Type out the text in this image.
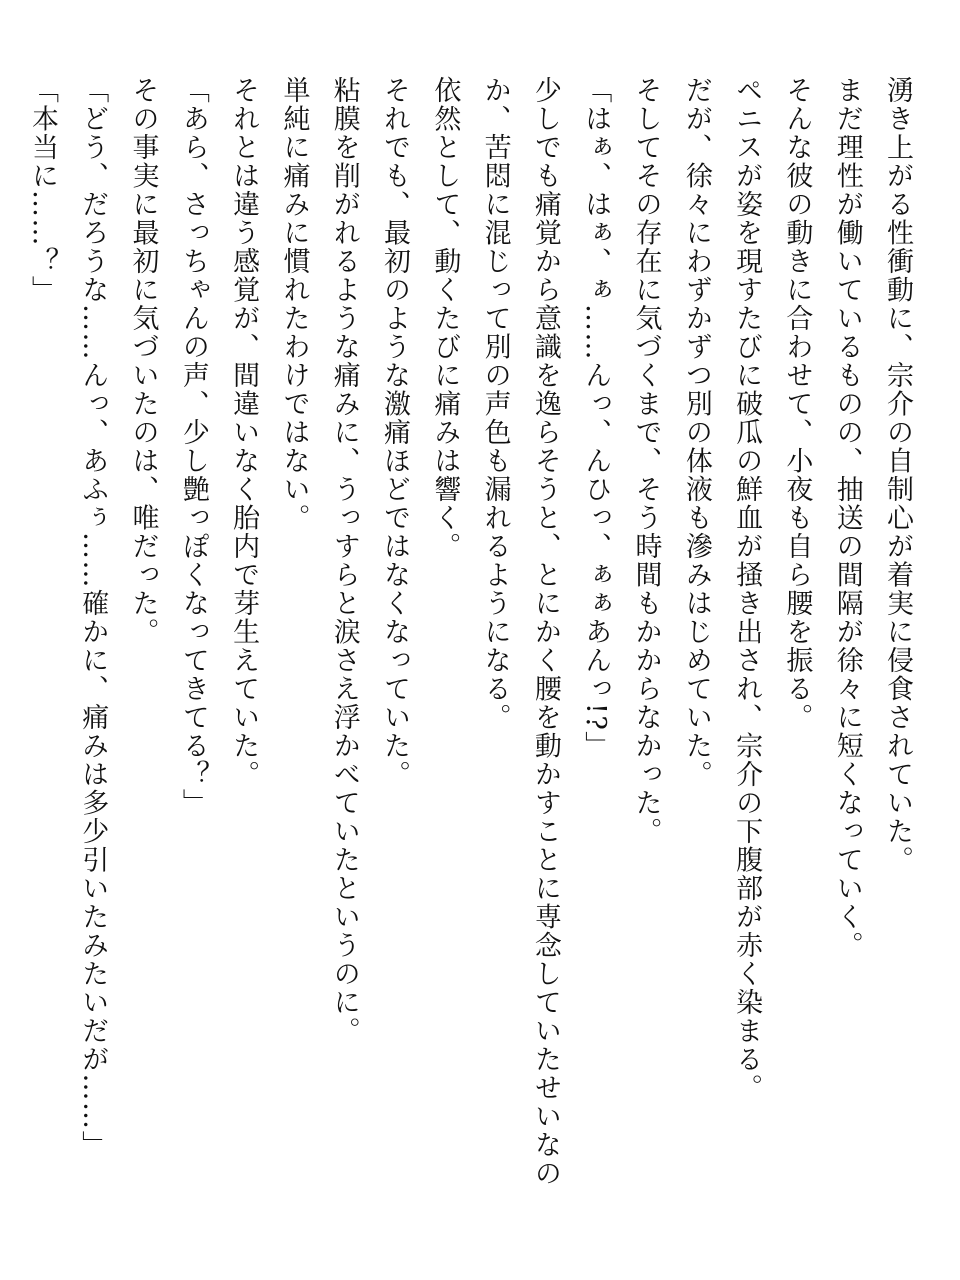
湧き上がる性衝動に、宗介の自制心が着実に侵食されていた。
まだ理性が働いているものの、抽送の間隔が徐々に短くなっていく。
そんな彼の動きに合わせて、小夜も自ら腰を振る。
ペニスが姿を現すたびに破瓜の鮮血が掻き出され、宗介の下腹部が赤く染まる。
だが、徐々にわずかずつ別の体液も滲みはじめていた。
そしてその存在に気づくまで、そう時間もかからなかった。
「はぁ、はぁ、ぁ……んっ、んひっ、ぁぁあんっ!?」
少しでも痛覚から意識を逸らそうと、とにかく腰を動かすことに専念していたせいなの
か、苦悶に混じって別の声色も漏れるようになる。
依然として、動くたびに痛みは響く。
それでも、最初のような激痛ほどではなくなっていた。
粘膜を削がれるような痛みに、うっすらと涙さえ浮かべていたというのに。
単純に痛みに慣れたわけではない。
それとは違う感覚が、間違いなく胎内で芽生えていた。
「あら、さっちゃんの声、少し艶っぽくなってきてる？」
その事実に最初に気づいたのは、唯だった。
「どう、だろうな……んっ、あふぅ……確かに、痛みは多少引いたみたいだが……」
「本当に……？」
